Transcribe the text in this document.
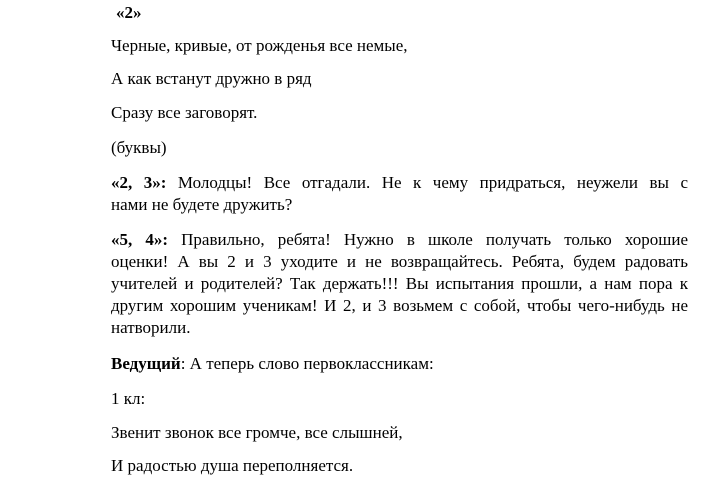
«2»
Черные, кривые, от рожденья все немые,
А как встанут дружно в ряд
Сразу все заговорят.
(буквы)
«2, 3»: Молодцы! Все отгадали. Не к чему придраться, неужели вы с
нами не будете дружить?
«5, 4»: Правильно, ребята! Нужно в школе получать только хорошие
оценки! А вы 2 и 3 уходите и не возвращайтесь. Ребята, будем радовать
учителей и родителей? Так держать!!! Вы испытания прошли, а нам пора к
другим хорошим ученикам! И 2, и 3 возьмем с собой, чтобы чего-нибудь не
натворили.
Ведущий: А теперь слово первоклассникам:
1 кл:
Звенит звонок все громче, все слышней,
И радостью душа переполняется.
